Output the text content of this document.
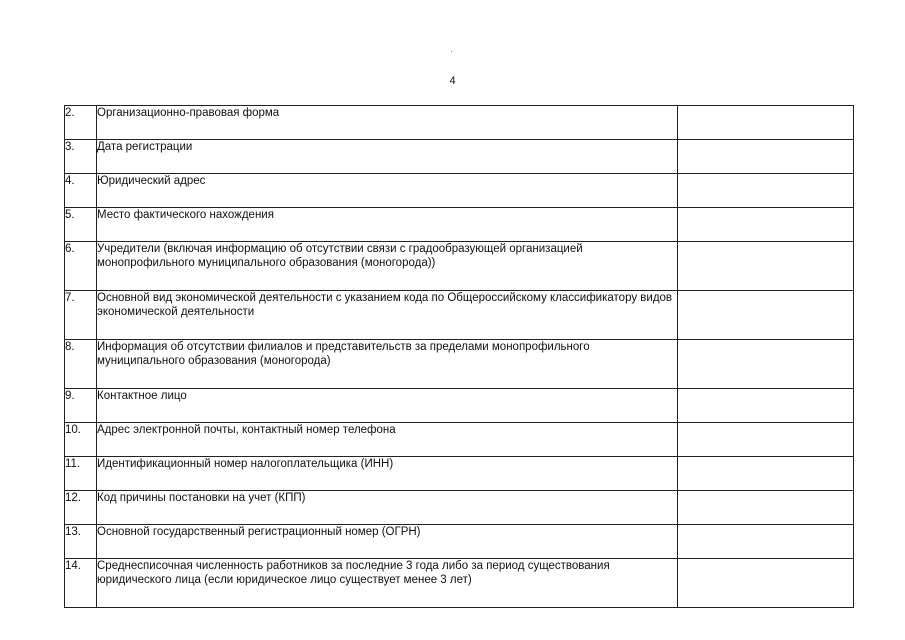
4
2.	Организационно-правовая форма	
3.	Дата регистрации	
4.	Юридический адрес	
5.	Место фактического нахождения	
6.	Учредители (включая информацию об отсутствии связи с градообразующей организацией монопрофильного муниципального образования (моногорода))	
7.	Основной вид экономической деятельности с указанием кода по Общероссийскому классификатору видов экономической деятельности	
8.	Информация об отсутствии филиалов и представительств за пределами монопрофильного муниципального образования (моногорода)	
9.	Контактное лицо	
10.	Адрес электронной почты, контактный номер телефона	
11.	Идентификационный номер налогоплательщика (ИНН)	
12.	Код причины постановки на учет (КПП)	
13.	Основной государственный регистрационный номер (ОГРН)	
14.	Среднесписочная численность работников за последние 3 года либо за период существования юридического лица (если юридическое лицо существует менее 3 лет)	
